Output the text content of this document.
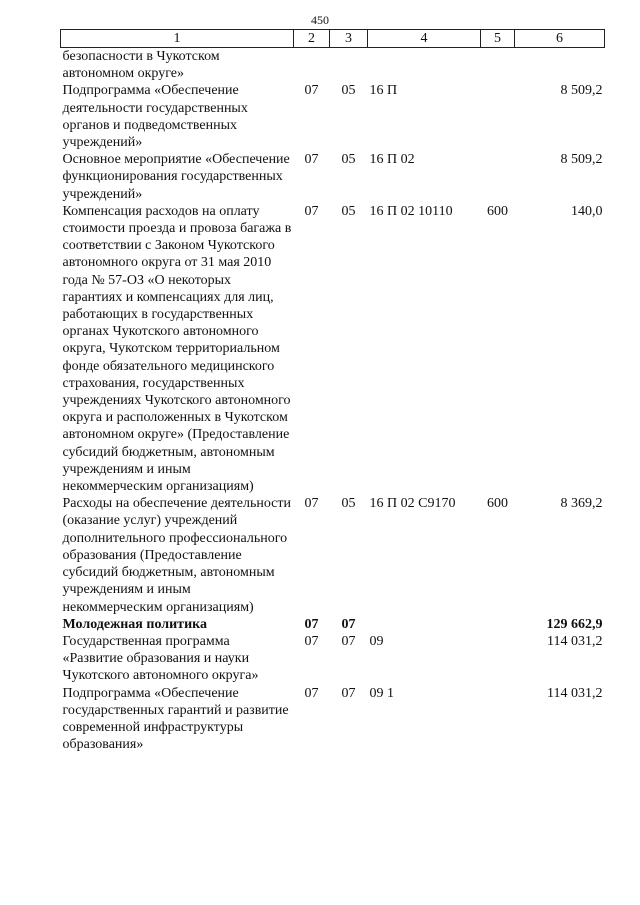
450
1	2	3	4	5	6
безопасности в Чукотском автономном округе»					
Подпрограмма «Обеспечение деятельности государственных органов и подведомственных учреждений»	07	05	16 П		8 509,2
Основное мероприятие «Обеспечение функционирования государственных учреждений»	07	05	16 П 02		8 509,2
Компенсация расходов на оплату стоимости проезда и провоза багажа в соответствии с Законом Чукотского автономного округа от 31 мая 2010 года № 57-ОЗ «О некоторых гарантиях и компенсациях для лиц, работающих в государственных органах Чукотского автономного округа, Чукотском территориальном фонде обязательного медицинского страхования, государственных учреждениях Чукотского автономного округа и расположенных в Чукотском автономном округе» (Предоставление субсидий бюджетным, автономным учреждениям и иным некоммерческим организациям)	07	05	16 П 02 10110	600	140,0
Расходы на обеспечение деятельности (оказание услуг) учреждений дополнительного профессионального образования (Предоставление субсидий бюджетным, автономным учреждениям и иным некоммерческим организациям)	07	05	16 П 02 С9170	600	8 369,2
Молодежная политика	07	07			129 662,9
Государственная программа «Развитие образования и науки Чукотского автономного округа»	07	07	09		114 031,2
Подпрограмма «Обеспечение государственных гарантий и развитие современной инфраструктуры образования»	07	07	09 1		114 031,2
